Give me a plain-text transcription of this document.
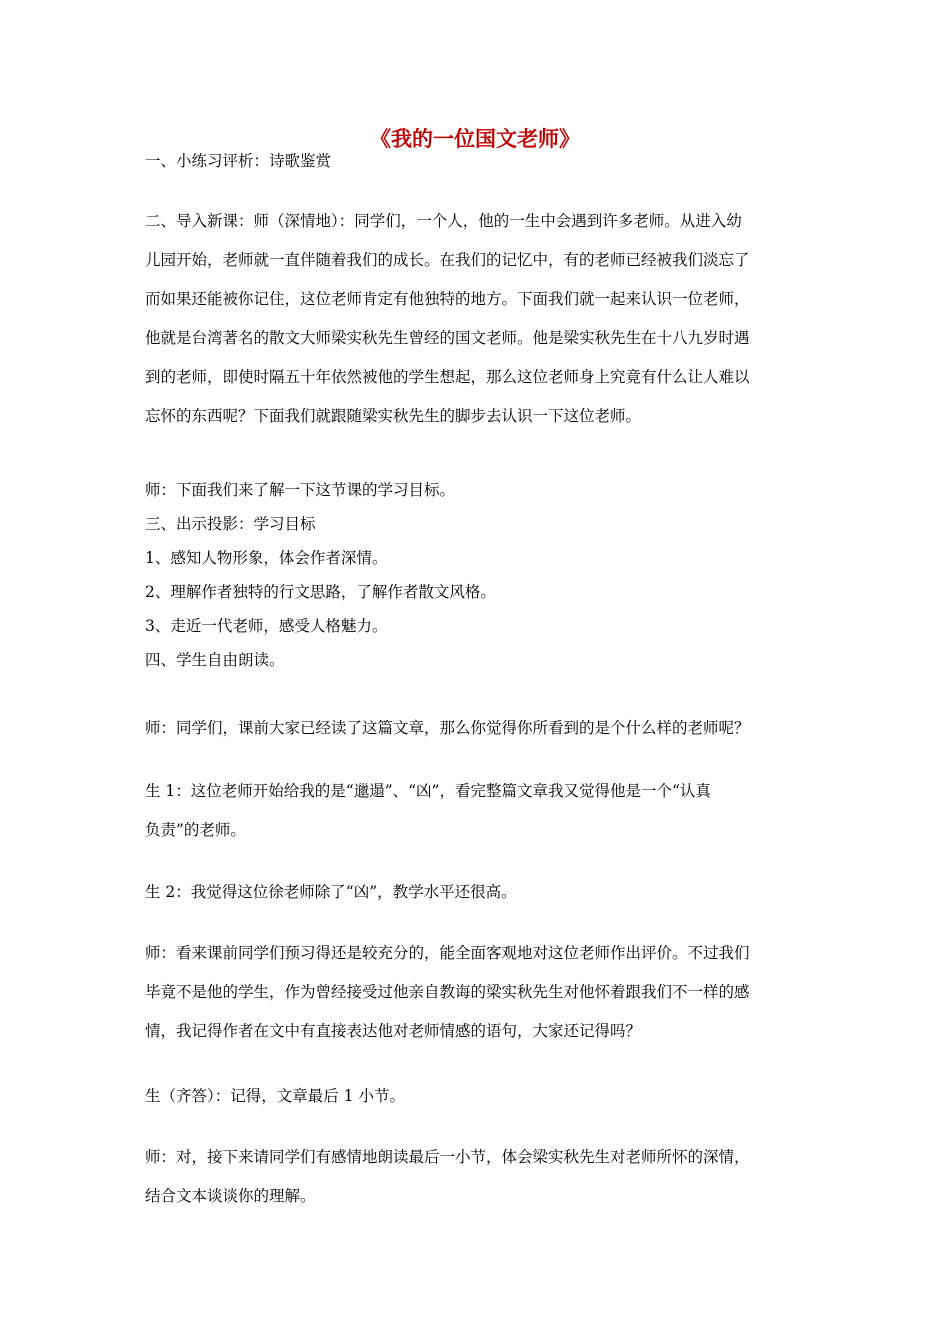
《我的一位国文老师》

一、小练习评析：诗歌鉴赏

二、导入新课：师（深情地）：同学们，一个人，他的一生中会遇到许多老师。从进入幼
儿园开始，老师就一直伴随着我们的成长。在我们的记忆中，有的老师已经被我们淡忘了
而如果还能被你记住，这位老师肯定有他独特的地方。下面我们就一起来认识一位老师，
他就是台湾著名的散文大师梁实秋先生曾经的国文老师。他是梁实秋先生在十八九岁时遇
到的老师，即使时隔五十年依然被他的学生想起，那么这位老师身上究竟有什么让人难以
忘怀的东西呢？下面我们就跟随梁实秋先生的脚步去认识一下这位老师。

师：下面我们来了解一下这节课的学习目标。

三、出示投影：学习目标

1、感知人物形象，体会作者深情。

2、理解作者独特的行文思路，了解作者散文风格。

3、走近一代老师，感受人格魅力。

四、学生自由朗读。

师：同学们，课前大家已经读了这篇文章，那么你觉得你所看到的是个什么样的老师呢？

生 1：这位老师开始给我的是“邋遢”、“凶”，看完整篇文章我又觉得他是一个“认真
负责”的老师。

生 2：我觉得这位徐老师除了“凶”，教学水平还很高。

师：看来课前同学们预习得还是较充分的，能全面客观地对这位老师作出评价。不过我们
毕竟不是他的学生，作为曾经接受过他亲自教诲的梁实秋先生对他怀着跟我们不一样的感
情，我记得作者在文中有直接表达他对老师情感的语句，大家还记得吗？

生（齐答）：记得，文章最后 1 小节。

师：对，接下来请同学们有感情地朗读最后一小节，体会梁实秋先生对老师所怀的深情，
结合文本谈谈你的理解。
